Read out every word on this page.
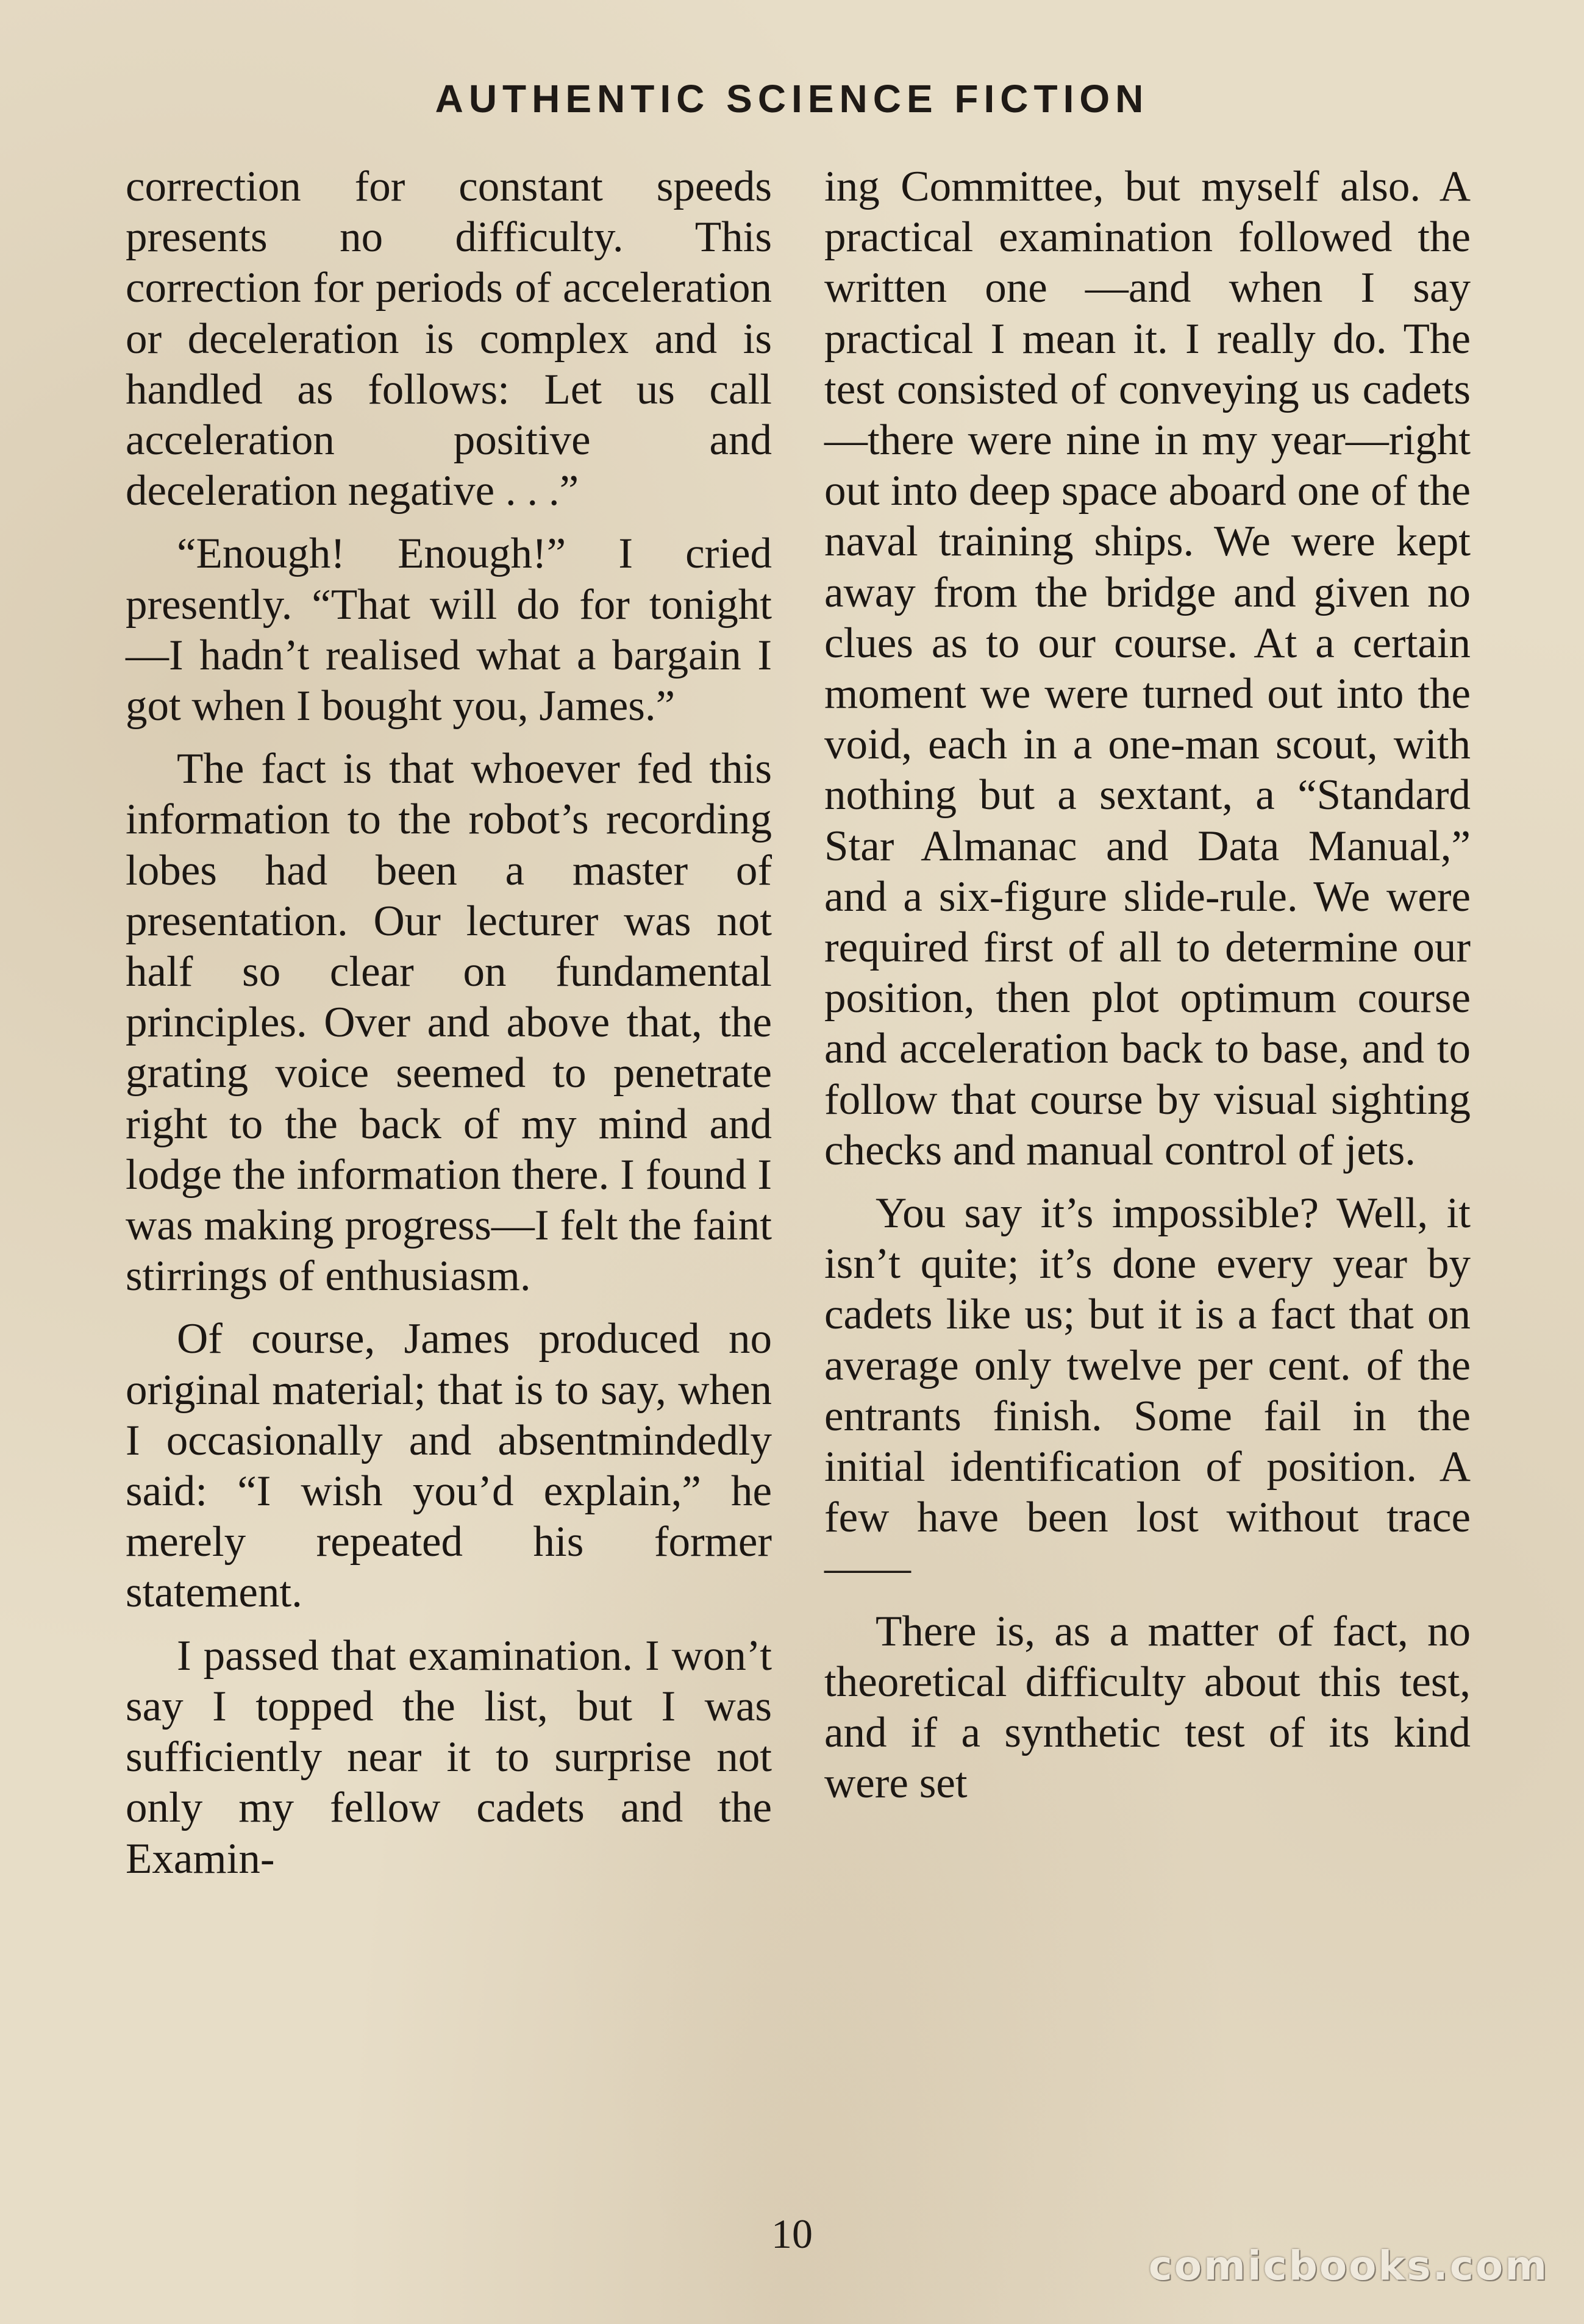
AUTHENTIC SCIENCE FICTION

correction for constant speeds presents no difficulty. This correction for periods of acceleration or deceleration is complex and is handled as follows: Let us call acceleration positive and deceleration negative . . .”

“Enough! Enough!” I cried presently. “That will do for tonight—I hadn’t realised what a bargain I got when I bought you, James.”

The fact is that whoever fed this information to the robot’s recording lobes had been a master of presentation. Our lecturer was not half so clear on fundamental principles. Over and above that, the grating voice seemed to penetrate right to the back of my mind and lodge the information there. I found I was making progress—I felt the faint stirrings of enthusiasm.

Of course, James produced no original material; that is to say, when I occasionally and absentmindedly said: “I wish you’d explain,” he merely repeated his former statement.

I passed that examination. I won’t say I topped the list, but I was sufficiently near it to surprise not only my fellow cadets and the Examin-

ing Committee, but myself also. A practical examination followed the written one —and when I say practical I mean it. I really do. The test consisted of conveying us cadets—there were nine in my year—right out into deep space aboard one of the naval training ships. We were kept away from the bridge and given no clues as to our course. At a certain moment we were turned out into the void, each in a one-man scout, with nothing but a sextant, a “Standard Star Almanac and Data Manual,” and a six-figure slide-rule. We were required first of all to determine our position, then plot optimum course and acceleration back to base, and to follow that course by visual sighting checks and manual control of jets.

You say it’s impossible? Well, it isn’t quite; it’s done every year by cadets like us; but it is a fact that on average only twelve per cent. of the entrants finish. Some fail in the initial identification of position. A few have been lost without trace——

There is, as a matter of fact, no theoretical difficulty about this test, and if a synthetic test of its kind were set

10
comicbooks.com
